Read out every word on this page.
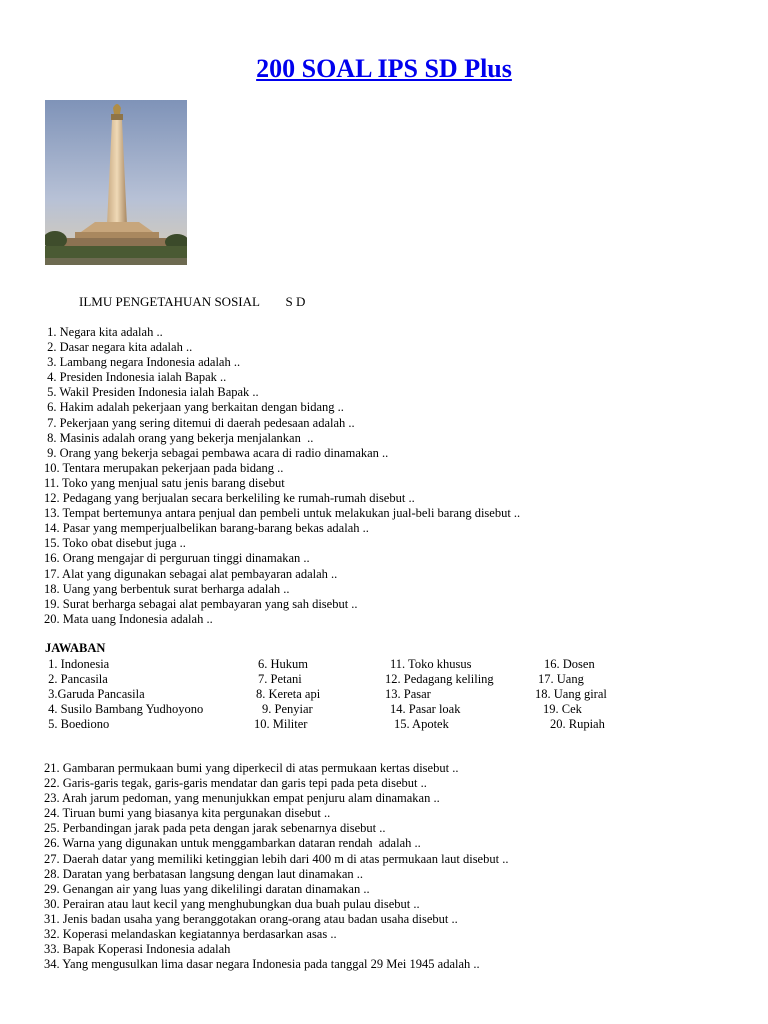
200 SOAL IPS SD Plus
ILMU PENGETAHUAN SOSIAL        S D
1. Negara kita adalah ..
2. Dasar negara kita adalah ..
3. Lambang negara Indonesia adalah ..
4. Presiden Indonesia ialah Bapak ..
5. Wakil Presiden Indonesia ialah Bapak ..
6. Hakim adalah pekerjaan yang berkaitan dengan bidang ..
7. Pekerjaan yang sering ditemui di daerah pedesaan adalah ..
8. Masinis adalah orang yang bekerja menjalankan  ..
9. Orang yang bekerja sebagai pembawa acara di radio dinamakan ..
10. Tentara merupakan pekerjaan pada bidang ..
11. Toko yang menjual satu jenis barang disebut
12. Pedagang yang berjualan secara berkeliling ke rumah-rumah disebut ..
13. Tempat bertemunya antara penjual dan pembeli untuk melakukan jual-beli barang disebut ..
14. Pasar yang memperjualbelikan barang-barang bekas adalah ..
15. Toko obat disebut juga ..
16. Orang mengajar di perguruan tinggi dinamakan ..
17. Alat yang digunakan sebagai alat pembayaran adalah ..
18. Uang yang berbentuk surat berharga adalah ..
19. Surat berharga sebagai alat pembayaran yang sah disebut ..
20. Mata uang Indonesia adalah ..
JAWABAN
1. Indonesia
2. Pancasila
3.Garuda Pancasila
4. Susilo Bambang Yudhoyono
5. Boediono
6. Hukum
7. Petani
8. Kereta api
9. Penyiar
10. Militer
11. Toko khusus
12. Pedagang keliling
13. Pasar
14. Pasar loak
15. Apotek
16. Dosen
17. Uang
18. Uang giral
19. Cek
20. Rupiah
21. Gambaran permukaan bumi yang diperkecil di atas permukaan kertas disebut ..
22. Garis-garis tegak, garis-garis mendatar dan garis tepi pada peta disebut ..
23. Arah jarum pedoman, yang menunjukkan empat penjuru alam dinamakan ..
24. Tiruan bumi yang biasanya kita pergunakan disebut ..
25. Perbandingan jarak pada peta dengan jarak sebenarnya disebut ..
26. Warna yang digunakan untuk menggambarkan dataran rendah  adalah ..
27. Daerah datar yang memiliki ketinggian lebih dari 400 m di atas permukaan laut disebut ..
28. Daratan yang berbatasan langsung dengan laut dinamakan ..
29. Genangan air yang luas yang dikelilingi daratan dinamakan ..
30. Perairan atau laut kecil yang menghubungkan dua buah pulau disebut ..
31. Jenis badan usaha yang beranggotakan orang-orang atau badan usaha disebut ..
32. Koperasi melandaskan kegiatannya berdasarkan asas ..
33. Bapak Koperasi Indonesia adalah
34. Yang mengusulkan lima dasar negara Indonesia pada tanggal 29 Mei 1945 adalah ..
